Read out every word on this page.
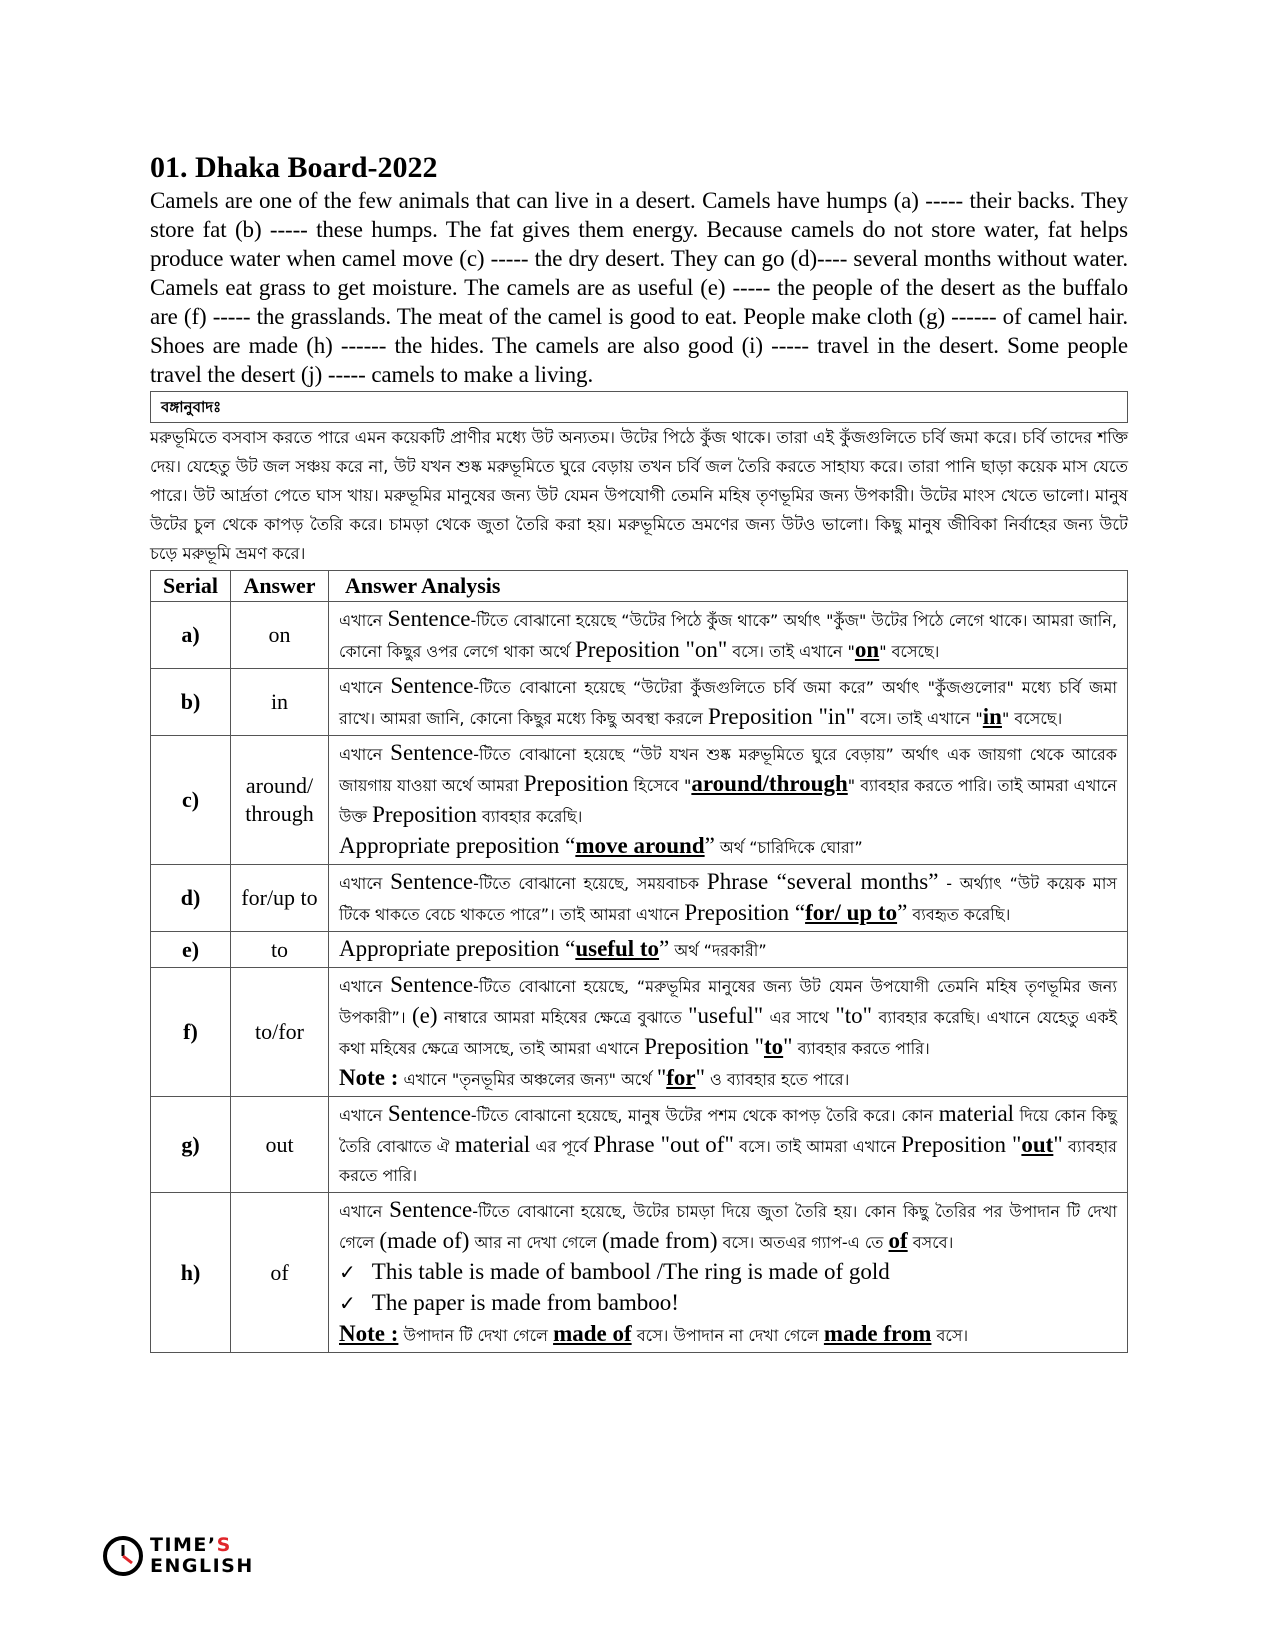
01. Dhaka Board-2022

Camels are one of the few animals that can live in a desert. Camels have humps (a) ----- their backs. They store fat (b) ----- these humps. The fat gives them energy. Because camels do not store water, fat helps produce water when camel move (c) ----- the dry desert. They can go (d)---- several months without water. Camels eat grass to get moisture. The camels are as useful (e) ----- the people of the desert as the buffalo are (f) ----- the grasslands. The meat of the camel is good to eat. People make cloth (g) ------ of camel hair. Shoes are made (h) ------ the hides. The camels are also good (i) ----- travel in the desert. Some people travel the desert (j) ----- camels to make a living.

বঙ্গানুবাদঃ

মরুভূমিতে বসবাস করতে পারে এমন কয়েকটি প্রাণীর মধ্যে উট অন্যতম। উটের পিঠে কুঁজ থাকে। তারা এই কুঁজগুলিতে চর্বি জমা করে। চর্বি তাদের শক্তি দেয়। যেহেতু উট জল সঞ্চয় করে না, উট যখন শুষ্ক মরুভূমিতে ঘুরে বেড়ায় তখন চর্বি জল তৈরি করতে সাহায্য করে। তারা পানি ছাড়া কয়েক মাস যেতে পারে। উট আর্দ্রতা পেতে ঘাস খায়। মরুভূমির মানুষের জন্য উট যেমন উপযোগী তেমনি মহিষ তৃণভূমির জন্য উপকারী। উটের মাংস খেতে ভালো। মানুষ উটের চুল থেকে কাপড় তৈরি করে। চামড়া থেকে জুতা তৈরি করা হয়। মরুভূমিতে ভ্রমণের জন্য উটও ভালো। কিছু মানুষ জীবিকা নির্বাহের জন্য উটে চড়ে মরুভূমি ভ্রমণ করে।

Serial	Answer	Answer Analysis
a)	on	এখানে Sentence-টিতে বোঝানো হয়েছে “উটের পিঠে কুঁজ থাকে” অর্থাৎ "কুঁজ" উটের পিঠে লেগে থাকে। আমরা জানি, কোনো কিছুর ওপর লেগে থাকা অর্থে Preposition "on" বসে। তাই এখানে "on" বসেছে।
b)	in	এখানে Sentence-টিতে বোঝানো হয়েছে “উটেরা কুঁজগুলিতে চর্বি জমা করে” অর্থাৎ "কুঁজগুলোর" মধ্যে চর্বি জমা রাখে। আমরা জানি, কোনো কিছুর মধ্যে কিছু অবস্থা করলে Preposition "in" বসে। তাই এখানে "in" বসেছে।
c)	around/ through	এখানে Sentence-টিতে বোঝানো হয়েছে “উট যখন শুষ্ক মরুভূমিতে ঘুরে বেড়ায়” অর্থাৎ এক জায়গা থেকে আরেক জায়গায় যাওয়া অর্থে আমরা Preposition হিসেবে "around/through" ব্যাবহার করতে পারি। তাই আমরা এখানে উক্ত Preposition ব্যাবহার করেছি।
Appropriate preposition “move around” অর্থ “চারিদিকে ঘোরা”
d)	for/up to	এখানে Sentence-টিতে বোঝানো হয়েছে, সময়বাচক Phrase “several months” - অর্থ্যাৎ “উট কয়েক মাস টিকে থাকতে বেচে থাকতে পারে”। তাই আমরা এখানে Preposition “for/ up to” ব্যবহৃত করেছি।
e)	to	Appropriate preposition “useful to” অর্থ “দরকারী”
f)	to/for	এখানে Sentence-টিতে বোঝানো হয়েছে, “মরুভূমির মানুষের জন্য উট যেমন উপযোগী তেমনি মহিষ তৃণভূমির জন্য উপকারী”। (e) নাম্বারে আমরা মহিষের ক্ষেত্রে বুঝাতে "useful" এর সাথে "to" ব্যাবহার করেছি। এখানে যেহেতু একই কথা মহিষের ক্ষেত্রে আসছে, তাই আমরা এখানে Preposition "to" ব্যাবহার করতে পারি।
Note : এখানে "তৃনভূমির অঞ্চলের জন্য" অর্থে "for" ও ব্যাবহার হতে পারে।
g)	out	এখানে Sentence-টিতে বোঝানো হয়েছে, মানুষ উটের পশম থেকে কাপড় তৈরি করে। কোন material দিয়ে কোন কিছু তৈরি বোঝাতে ঐ material এর পূর্বে Phrase "out of" বসে। তাই আমরা এখানে Preposition "out" ব্যাবহার করতে পারি।
h)	of	এখানে Sentence-টিতে বোঝানো হয়েছে, উটের চামড়া দিয়ে জুতা তৈরি হয়। কোন কিছু তৈরির পর উপাদান টি দেখা গেলে (made of) আর না দেখা গেলে (made from) বসে। অতএর গ্যাপ-এ তে of বসবে।
✓ This table is made of bambool /The ring is made of gold
✓ The paper is made from bamboo!
Note : উপাদান টি দেখা গেলে made of বসে। উপাদান না দেখা গেলে made from বসে।
TIME’S
ENGLISH
